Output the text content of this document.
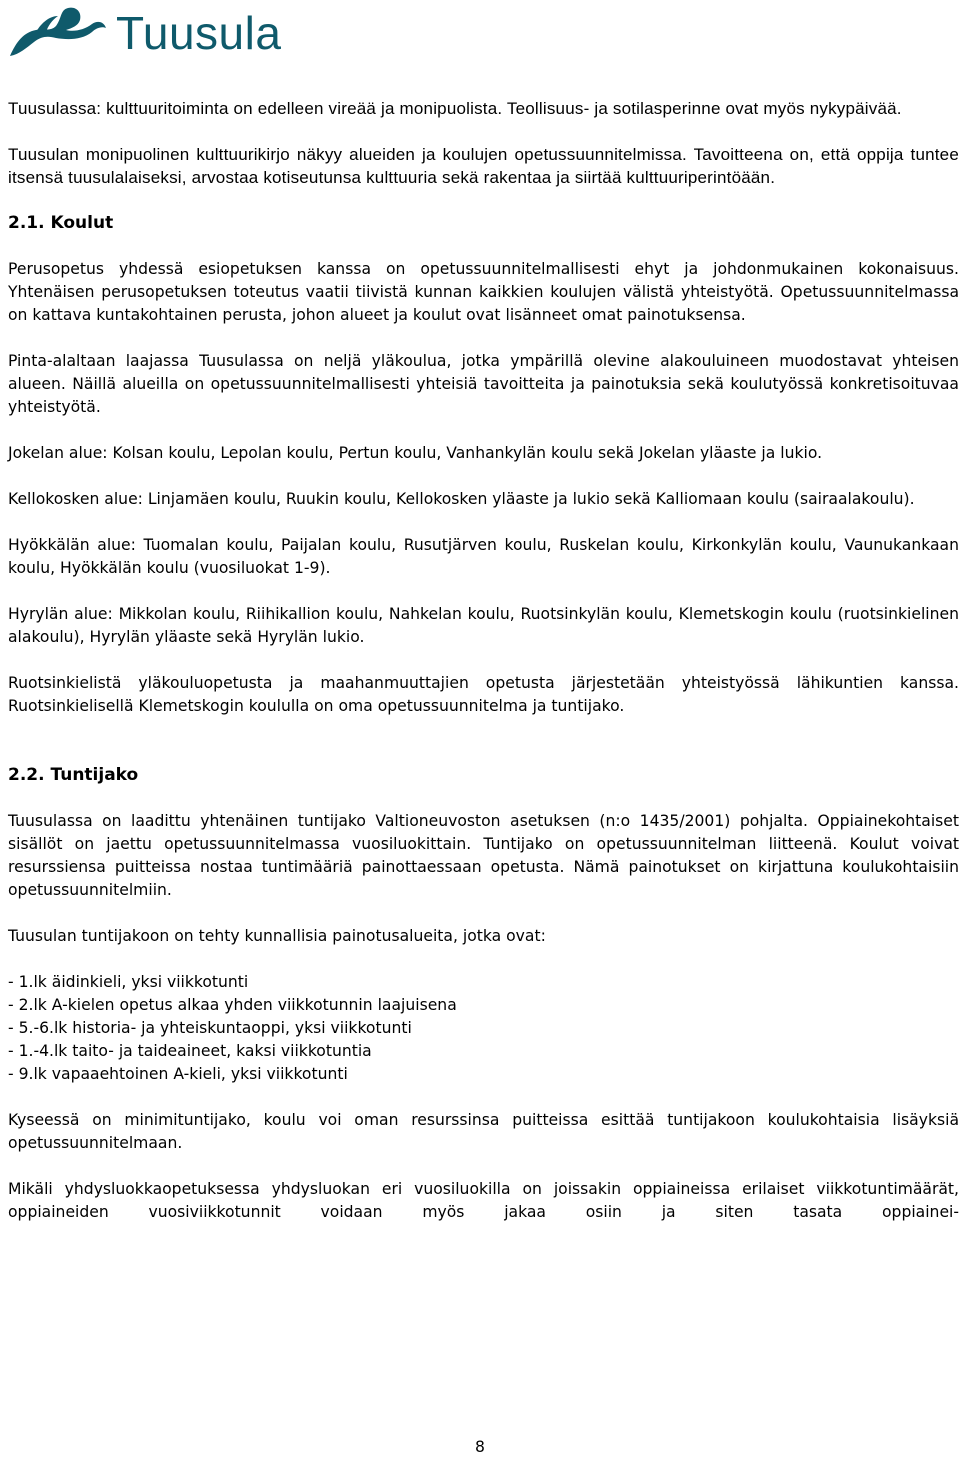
Tuusula

Tuusulassa: kulttuuritoiminta on edelleen vireää ja monipuolista. Teollisuus- ja sotilasperinne ovat myös nykypäivää.

Tuusulan monipuolinen kulttuurikirjo näkyy alueiden ja koulujen opetussuunnitelmissa. Tavoitteena on, että oppija tuntee itsensä tuusulalaiseksi, arvostaa kotiseutunsa kulttuuria sekä rakentaa ja siirtää kulttuuriperintöään.

2.1. Koulut

Perusopetus yhdessä esiopetuksen kanssa on opetussuunnitelmallisesti ehyt ja johdonmukainen kokonaisuus. Yhtenäisen perusopetuksen toteutus vaatii tiivistä kunnan kaikkien koulujen välistä yhteistyötä. Opetussuunnitelmassa on kattava kuntakohtainen perusta, johon alueet ja koulut ovat lisänneet omat painotuksensa.

Pinta-alaltaan laajassa Tuusulassa on neljä yläkoulua, jotka ympärillä olevine alakouluineen muodostavat yhteisen alueen. Näillä alueilla on opetussuunnitelmallisesti yhteisiä tavoitteita ja painotuksia sekä koulutyössä konkretisoituvaa yhteistyötä.

Jokelan alue: Kolsan koulu, Lepolan koulu, Pertun koulu, Vanhankylän koulu sekä Jokelan yläaste ja lukio.

Kellokosken alue: Linjamäen koulu, Ruukin koulu, Kellokosken yläaste ja lukio sekä Kalliomaan koulu (sairaalakoulu).

Hyökkälän alue: Tuomalan koulu, Paijalan koulu, Rusutjärven koulu, Ruskelan koulu, Kirkonkylän koulu, Vaunukankaan koulu, Hyökkälän koulu (vuosiluokat 1-9).

Hyrylän alue: Mikkolan koulu, Riihikallion koulu, Nahkelan koulu, Ruotsinkylän koulu, Klemetskogin koulu (ruotsinkielinen alakoulu), Hyrylän yläaste sekä Hyrylän lukio.

Ruotsinkielistä yläkouluopetusta ja maahanmuuttajien opetusta järjestetään yhteistyössä lähikuntien kanssa. Ruotsinkielisellä Klemetskogin koululla on oma opetussuunnitelma ja tuntijako.

2.2. Tuntijako

Tuusulassa on laadittu yhtenäinen tuntijako Valtioneuvoston asetuksen (n:o 1435/2001) pohjalta. Oppiainekohtaiset sisällöt on jaettu opetussuunnitelmassa vuosiluokittain. Tuntijako on opetussuunnitelman liitteenä. Koulut voivat resurssiensa puitteissa nostaa tuntimääriä painottaessaan opetusta. Nämä painotukset on kirjattuna koulukohtaisiin opetussuunnitelmiin.

Tuusulan tuntijakoon on tehty kunnallisia painotusalueita, jotka ovat:

- 1.lk äidinkieli, yksi viikkotunti
- 2.lk A-kielen opetus alkaa yhden viikkotunnin laajuisena
- 5.-6.lk historia- ja yhteiskuntaoppi, yksi viikkotunti
- 1.-4.lk taito- ja taideaineet, kaksi viikkotuntia
- 9.lk vapaaehtoinen A-kieli, yksi viikkotunti

Kyseessä on minimituntijako, koulu voi oman resurssinsa puitteissa esittää tuntijakoon koulukohtaisia lisäyksiä opetussuunnitelmaan.

Mikäli yhdysluokkaopetuksessa yhdysluokan eri vuosiluokilla on joissakin oppiaineissa erilaiset viikkotuntimäärät, oppiaineiden vuosiviikkotunnit voidaan myös jakaa osiin ja siten tasata oppiainei-

8
